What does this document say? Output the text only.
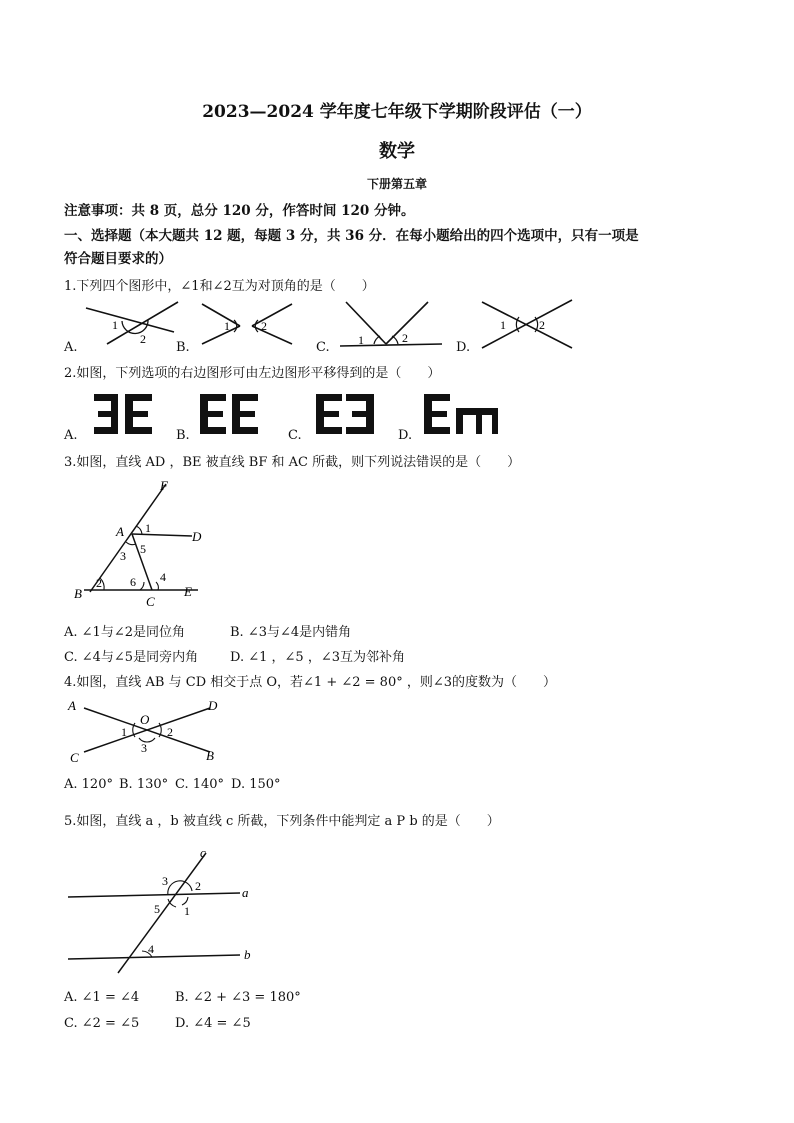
2023—2024 学年度七年级下学期阶段评估（一）
数学
下册第五章
注意事项：共 8 页，总分 120 分，作答时间 120 分钟。
一、选择题（本大题共 12 题，每题 3 分，共 36 分．在每小题给出的四个选项中，只有一项是
符合题目要求的）
1.下列四个图形中，∠1和∠2互为对顶角的是（　　）
1
2
1	2
1	2
1	2
A.	B.	C.	D.
2.如图，下列选项的右边图形可由左边图形平移得到的是（　　）
A.	B.	C.	D.
3.如图，直线 AD ，BE 被直线 BF 和 AC 所截，则下列说法错误的是（　　）
F
A 1
D
3 5
2 6 4
B
C
E
A. ∠1与∠2是同位角	B. ∠3与∠4是内错角
C. ∠4与∠5是同旁内角 D. ∠1 ，∠5 ，∠3互为邻补角
4.如图，直线 AB 与 CD 相交于点 O，若∠1 + ∠2 = 80° ，则∠3的度数为（　　）
A	D
O
1	2
3
C	B
A. 120° B. 130° C. 140° D. 150°
5.如图，直线 a ，b 被直线 c 所截，下列条件中能判定 a P b 的是（　　）
c
3 2	a
5 1
4	b
A. ∠1 = ∠4	B. ∠2 + ∠3 = 180°
C. ∠2 = ∠5	D. ∠4 = ∠5
